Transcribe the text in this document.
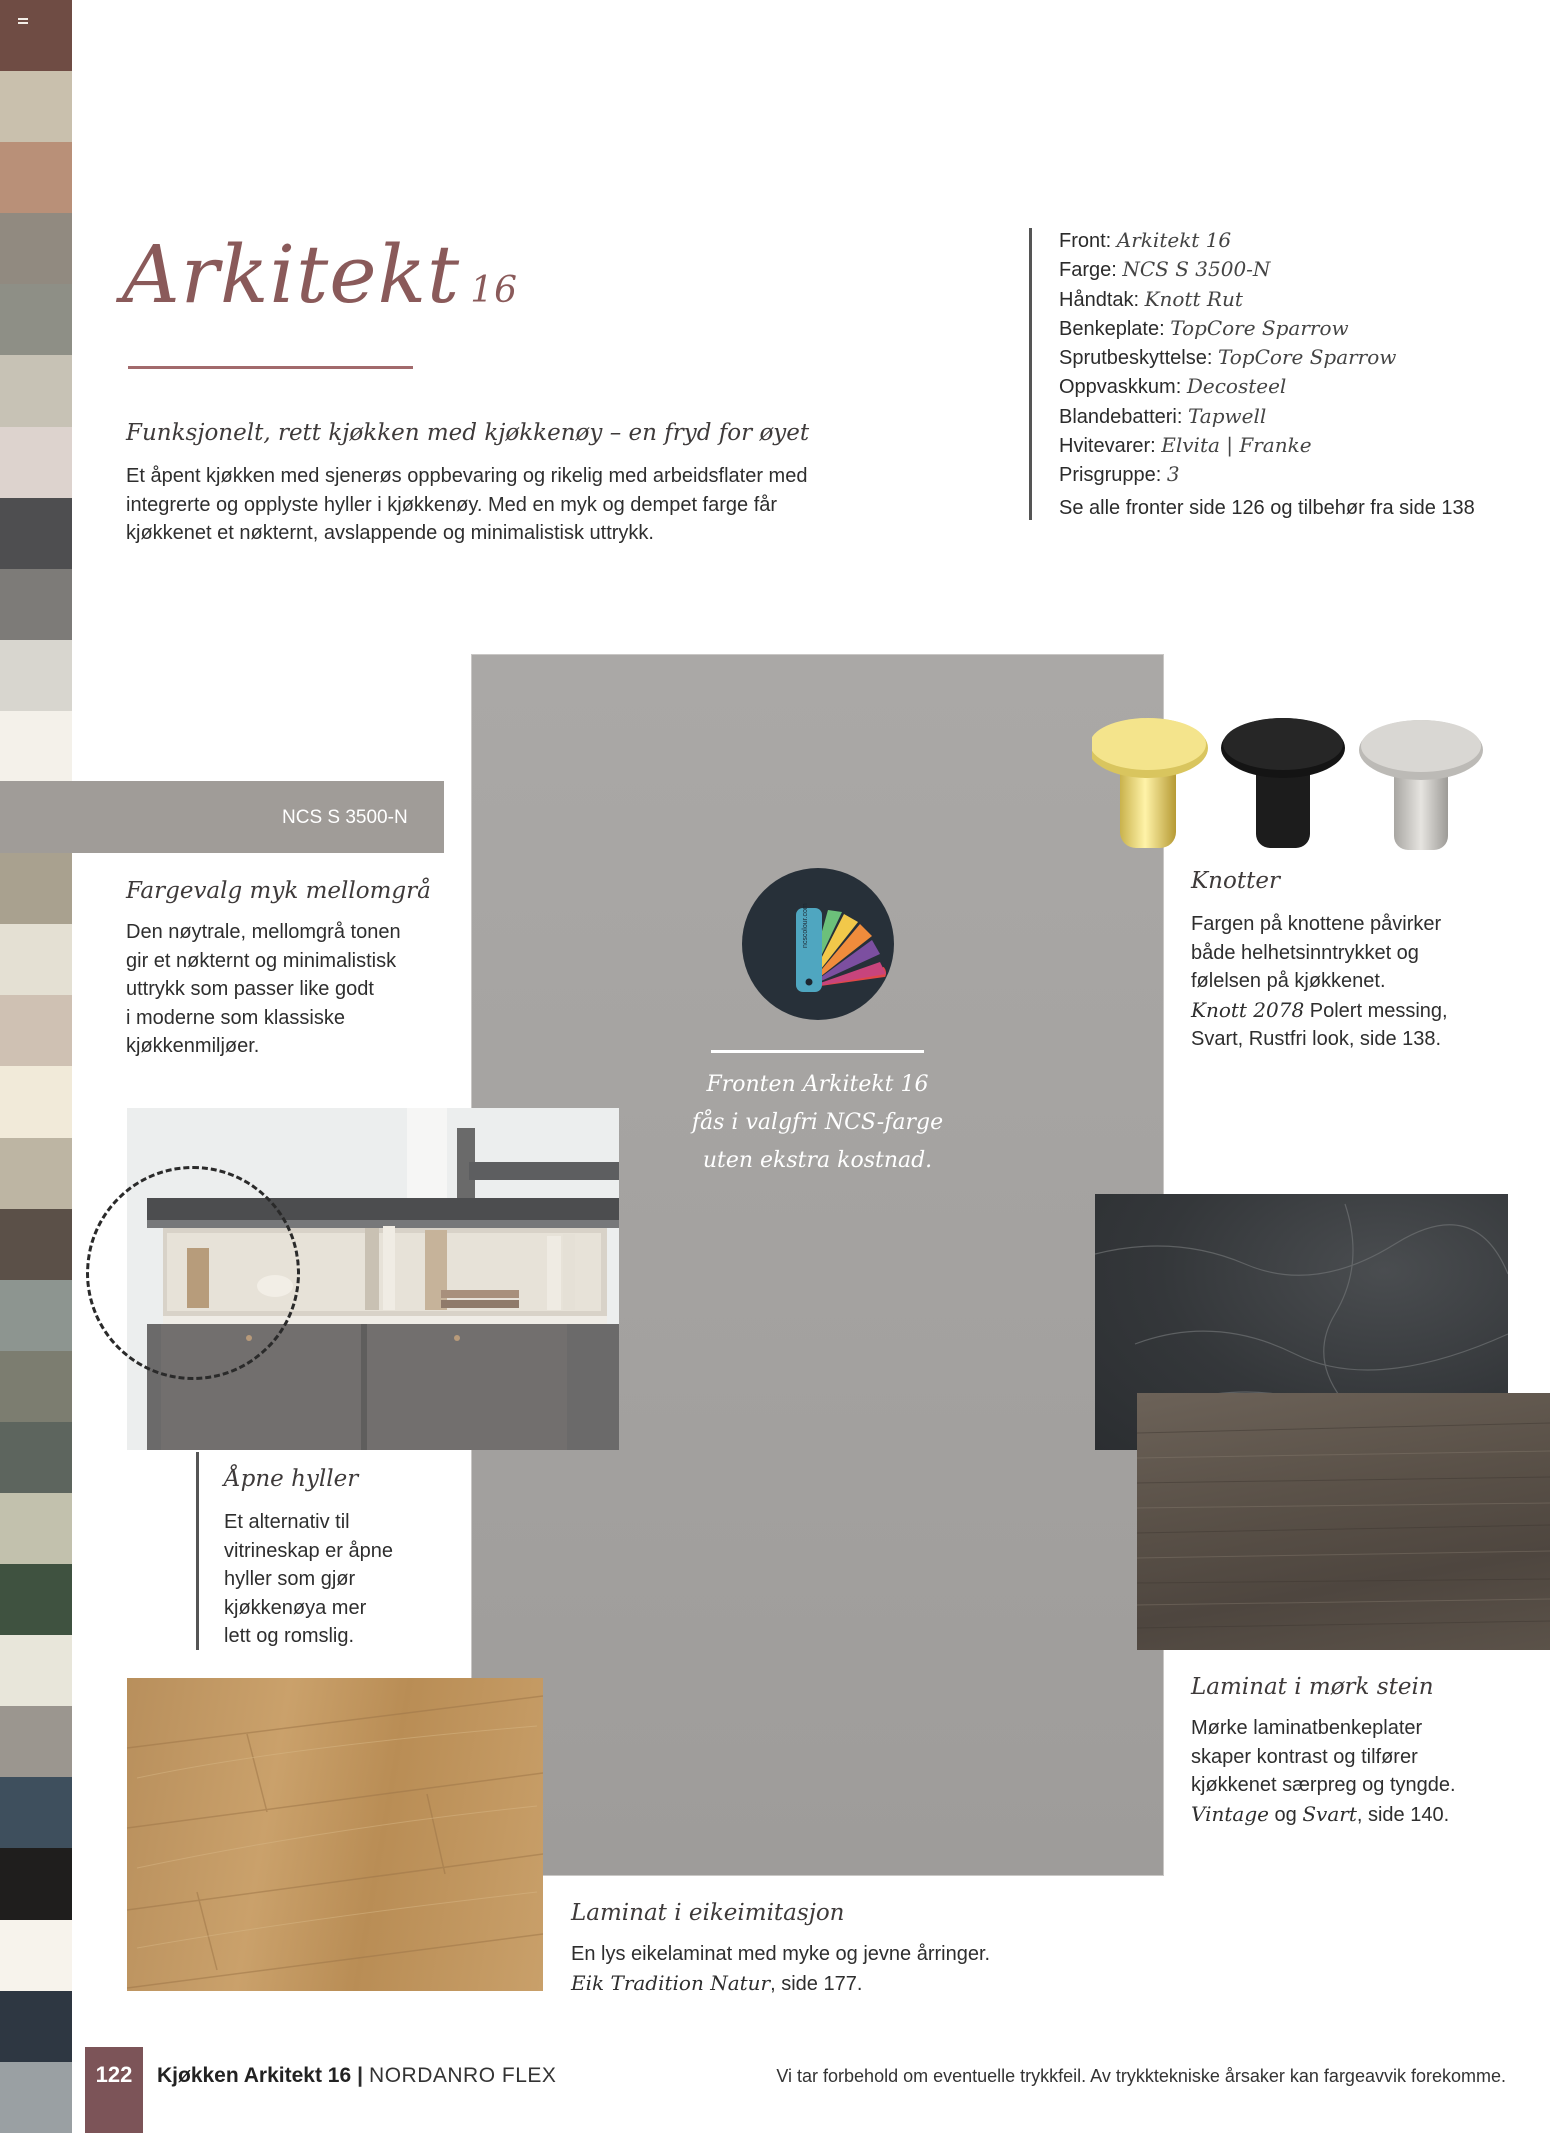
Arkitekt 16
Funksjonelt, rett kjøkken med kjøkkenøy – en fryd for øyet
Et åpent kjøkken med sjenerøs oppbevaring og rikelig med arbeidsflater med integrerte og opplyste hyller i kjøkkenøy. Med en myk og dempet farge får kjøkkenet et nøkternt, avslappende og minimalistisk uttrykk.
Front: Arkitekt 16
Farge: NCS S 3500-N
Håndtak: Knott Rut
Benkeplate: TopCore Sparrow
Sprutbeskyttelse: TopCore Sparrow
Oppvaskkum: Decosteel
Blandebatteri: Tapwell
Hvitevarer: Elvita | Franke
Prisgruppe: 3
Se alle fronter side 126 og tilbehør fra side 138
ncscolour.com
Fronten Arkitekt 16
fås i valgfri NCS-farge
uten ekstra kostnad.
NCS S 3500-N
Fargevalg myk mellomgrå
Den nøytrale, mellomgrå tonen
gir et nøkternt og minimalistisk
uttrykk som passer like godt
i moderne som klassiske
kjøkkenmiljøer.
Åpne hyller
Et alternativ til
vitrineskap er åpne
hyller som gjør
kjøkkenøya mer
lett og romslig.
Laminat i eikeimitasjon
En lys eikelaminat med myke og jevne årringer.
Eik Tradition Natur, side 177.
Knotter
Fargen på knottene påvirker
både helhetsinntrykket og
følelsen på kjøkkenet.
Knott 2078 Polert messing,
Svart, Rustfri look, side 138.
Laminat i mørk stein
Mørke laminatbenkeplater
skaper kontrast og tilfører
kjøkkenet særpreg og tyngde.
Vintage og Svart, side 140.
122	Kjøkken Arkitekt 16 | NORDANRO FLEX	Vi tar forbehold om eventuelle trykkfeil. Av trykktekniske årsaker kan fargeavvik forekomme.
